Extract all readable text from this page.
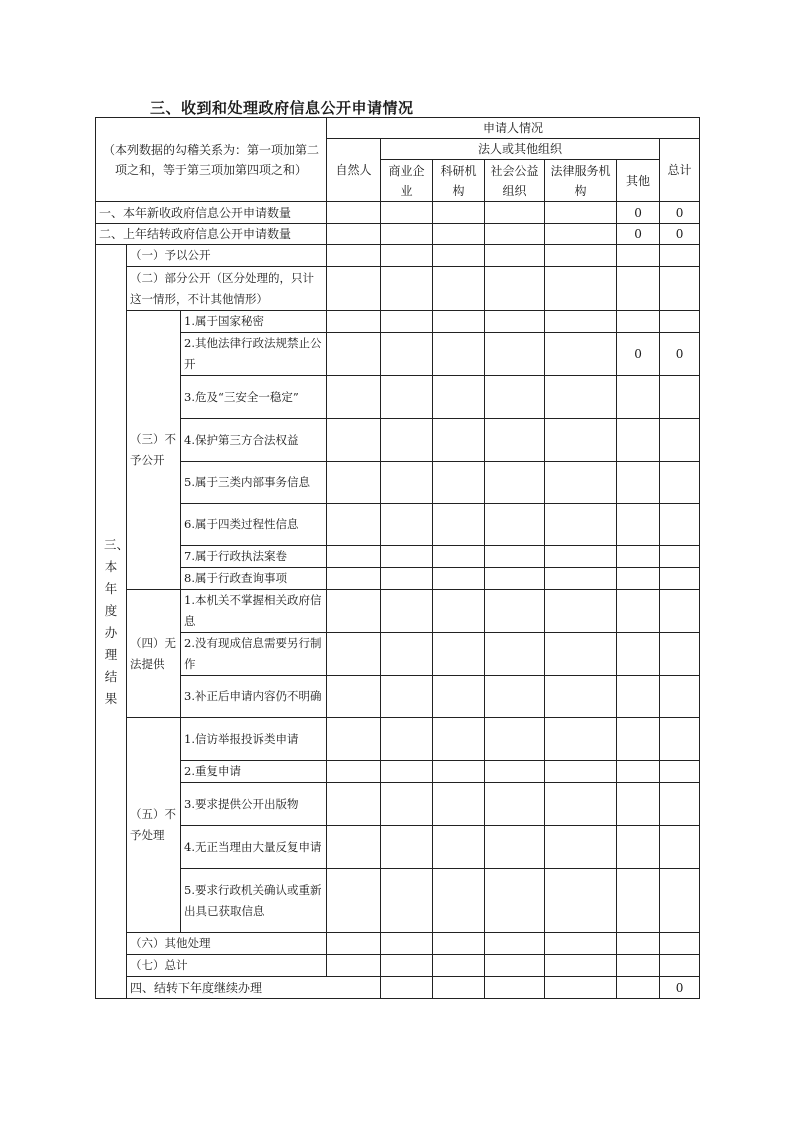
三、收到和处理政府信息公开申请情况
（本列数据的勾稽关系为：第一项加第二项之和，等于第三项加第四项之和）			申请人情况							
			自然人	法人或其他组织					总计	
				商业企业	科研机构	社会公益组织	法律服务机构	其他		
一、本年新收政府信息公开申请数量								0	0	
二、上年结转政府信息公开申请数量								0	0	

三、本年度办理结果	（一）予以公开									
	（二）部分公开（区分处理的，只计这一情形，不计其他情形）									
	（三）不予公开	1.属于国家秘密								
		2.其他法律行政法规禁止公开						0	0	
		3.危及“三安全一稳定”								
		4.保护第三方合法权益								
		5.属于三类内部事务信息								
		6.属于四类过程性信息								
		7.属于行政执法案卷								
		8.属于行政查询事项								
	（四）无法提供	1.本机关不掌握相关政府信息								
		2.没有现成信息需要另行制作								
		3.补正后申请内容仍不明确								
	（五）不予处理	1.信访举报投诉类申请								
		2.重复申请								
		3.要求提供公开出版物								
		4.无正当理由大量反复申请								
		5.要求行政机关确认或重新出具已获取信息								
	（六）其他处理									
	（七）总计									
	四、结转下年度继续办理								0	
